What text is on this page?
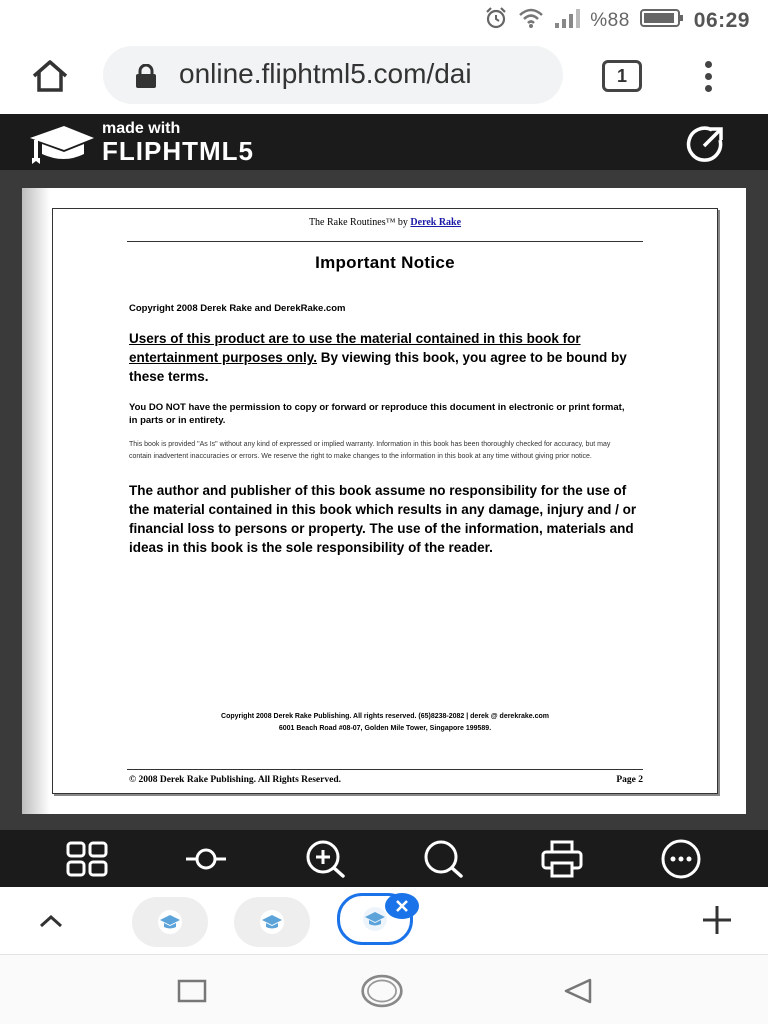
%88	06:29
online.fliphtml5.com/dai	1
made with
FLIPHTML5
The Rake Routines™ by Derek Rake
Important Notice
Copyright 2008 Derek Rake and DerekRake.com
Users of this product are to use the material contained in this book for entertainment purposes only. By viewing this book, you agree to be bound by these terms.
You DO NOT have the permission to copy or forward or reproduce this document in electronic or print format, in parts or in entirety.
This book is provided "As Is" without any kind of expressed or implied warranty. Information in this book has been thoroughly checked for accuracy, but may contain inadvertent inaccuracies or errors. We reserve the right to make changes to the information in this book at any time without giving prior notice.
The author and publisher of this book assume no responsibility for the use of the material contained in this book which results in any damage, injury and / or financial loss to persons or property. The use of the information, materials and ideas in this book is the sole responsibility of the reader.
Copyright 2008 Derek Rake Publishing. All rights reserved. (65)8238-2082 | derek @ derekrake.com
6001 Beach Road #08-07, Golden Mile Tower, Singapore 199589.
© 2008 Derek Rake Publishing. All Rights Reserved.	Page 2
